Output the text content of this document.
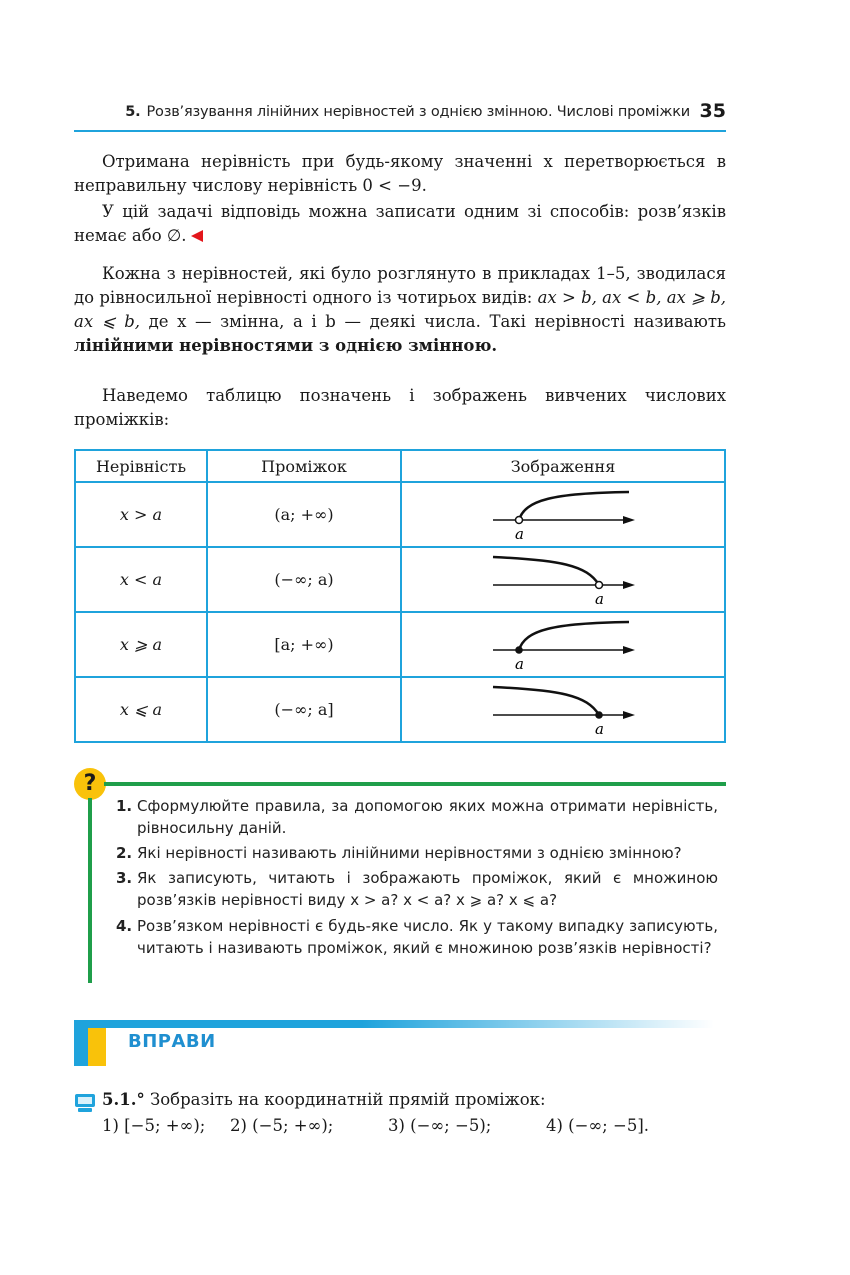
5. Розв’язування лінійних нерівностей з однією змінною. Числові проміжки 35
Отримана нерівність при будь-якому значенні x перетворюється в неправильну числову нерівність 0 < −9.
У цій задачі відповідь можна записати одним зі способів: розв’язків немає або ∅.
Кожна з нерівностей, які було розглянуто в прикладах 1–5, зводилася до рівносильної нерівності одного із чотирьох видів: ax > b, ax < b, ax ⩾ b, ax ⩽ b, де x — змінна, a і b — деякі числа. Такі нерівності називають лінійними нерівностями з однією змінною.
Наведемо таблицю позначень і зображень вивчених числових проміжків:
Нерівність	Проміжок	Зображення
x > a	(a; +∞)	a

x < a	(−∞; a)	a

x ⩾ a	[a; +∞)	a

x ⩽ a	(−∞; a]	a
?
1. Сформулюйте правила, за допомогою яких можна отримати нерівність, рівносильну даній.
2. Які нерівності називають лінійними нерівностями з однією змінною?
3. Як записують, читають і зображають проміжок, який є множиною розв’язків нерівності виду x > a? x < a? x ⩾ a? x ⩽ a?
4. Розв’язком нерівності є будь-яке число. Як у такому випадку записують, читають і називають проміжок, який є множиною розв’язків нерівності?
ВПРАВИ
5.1.° Зобразіть на координатній прямій проміжок:
1) [−5; +∞); 2) (−5; +∞);	3) (−∞; −5);	4) (−∞; −5].
